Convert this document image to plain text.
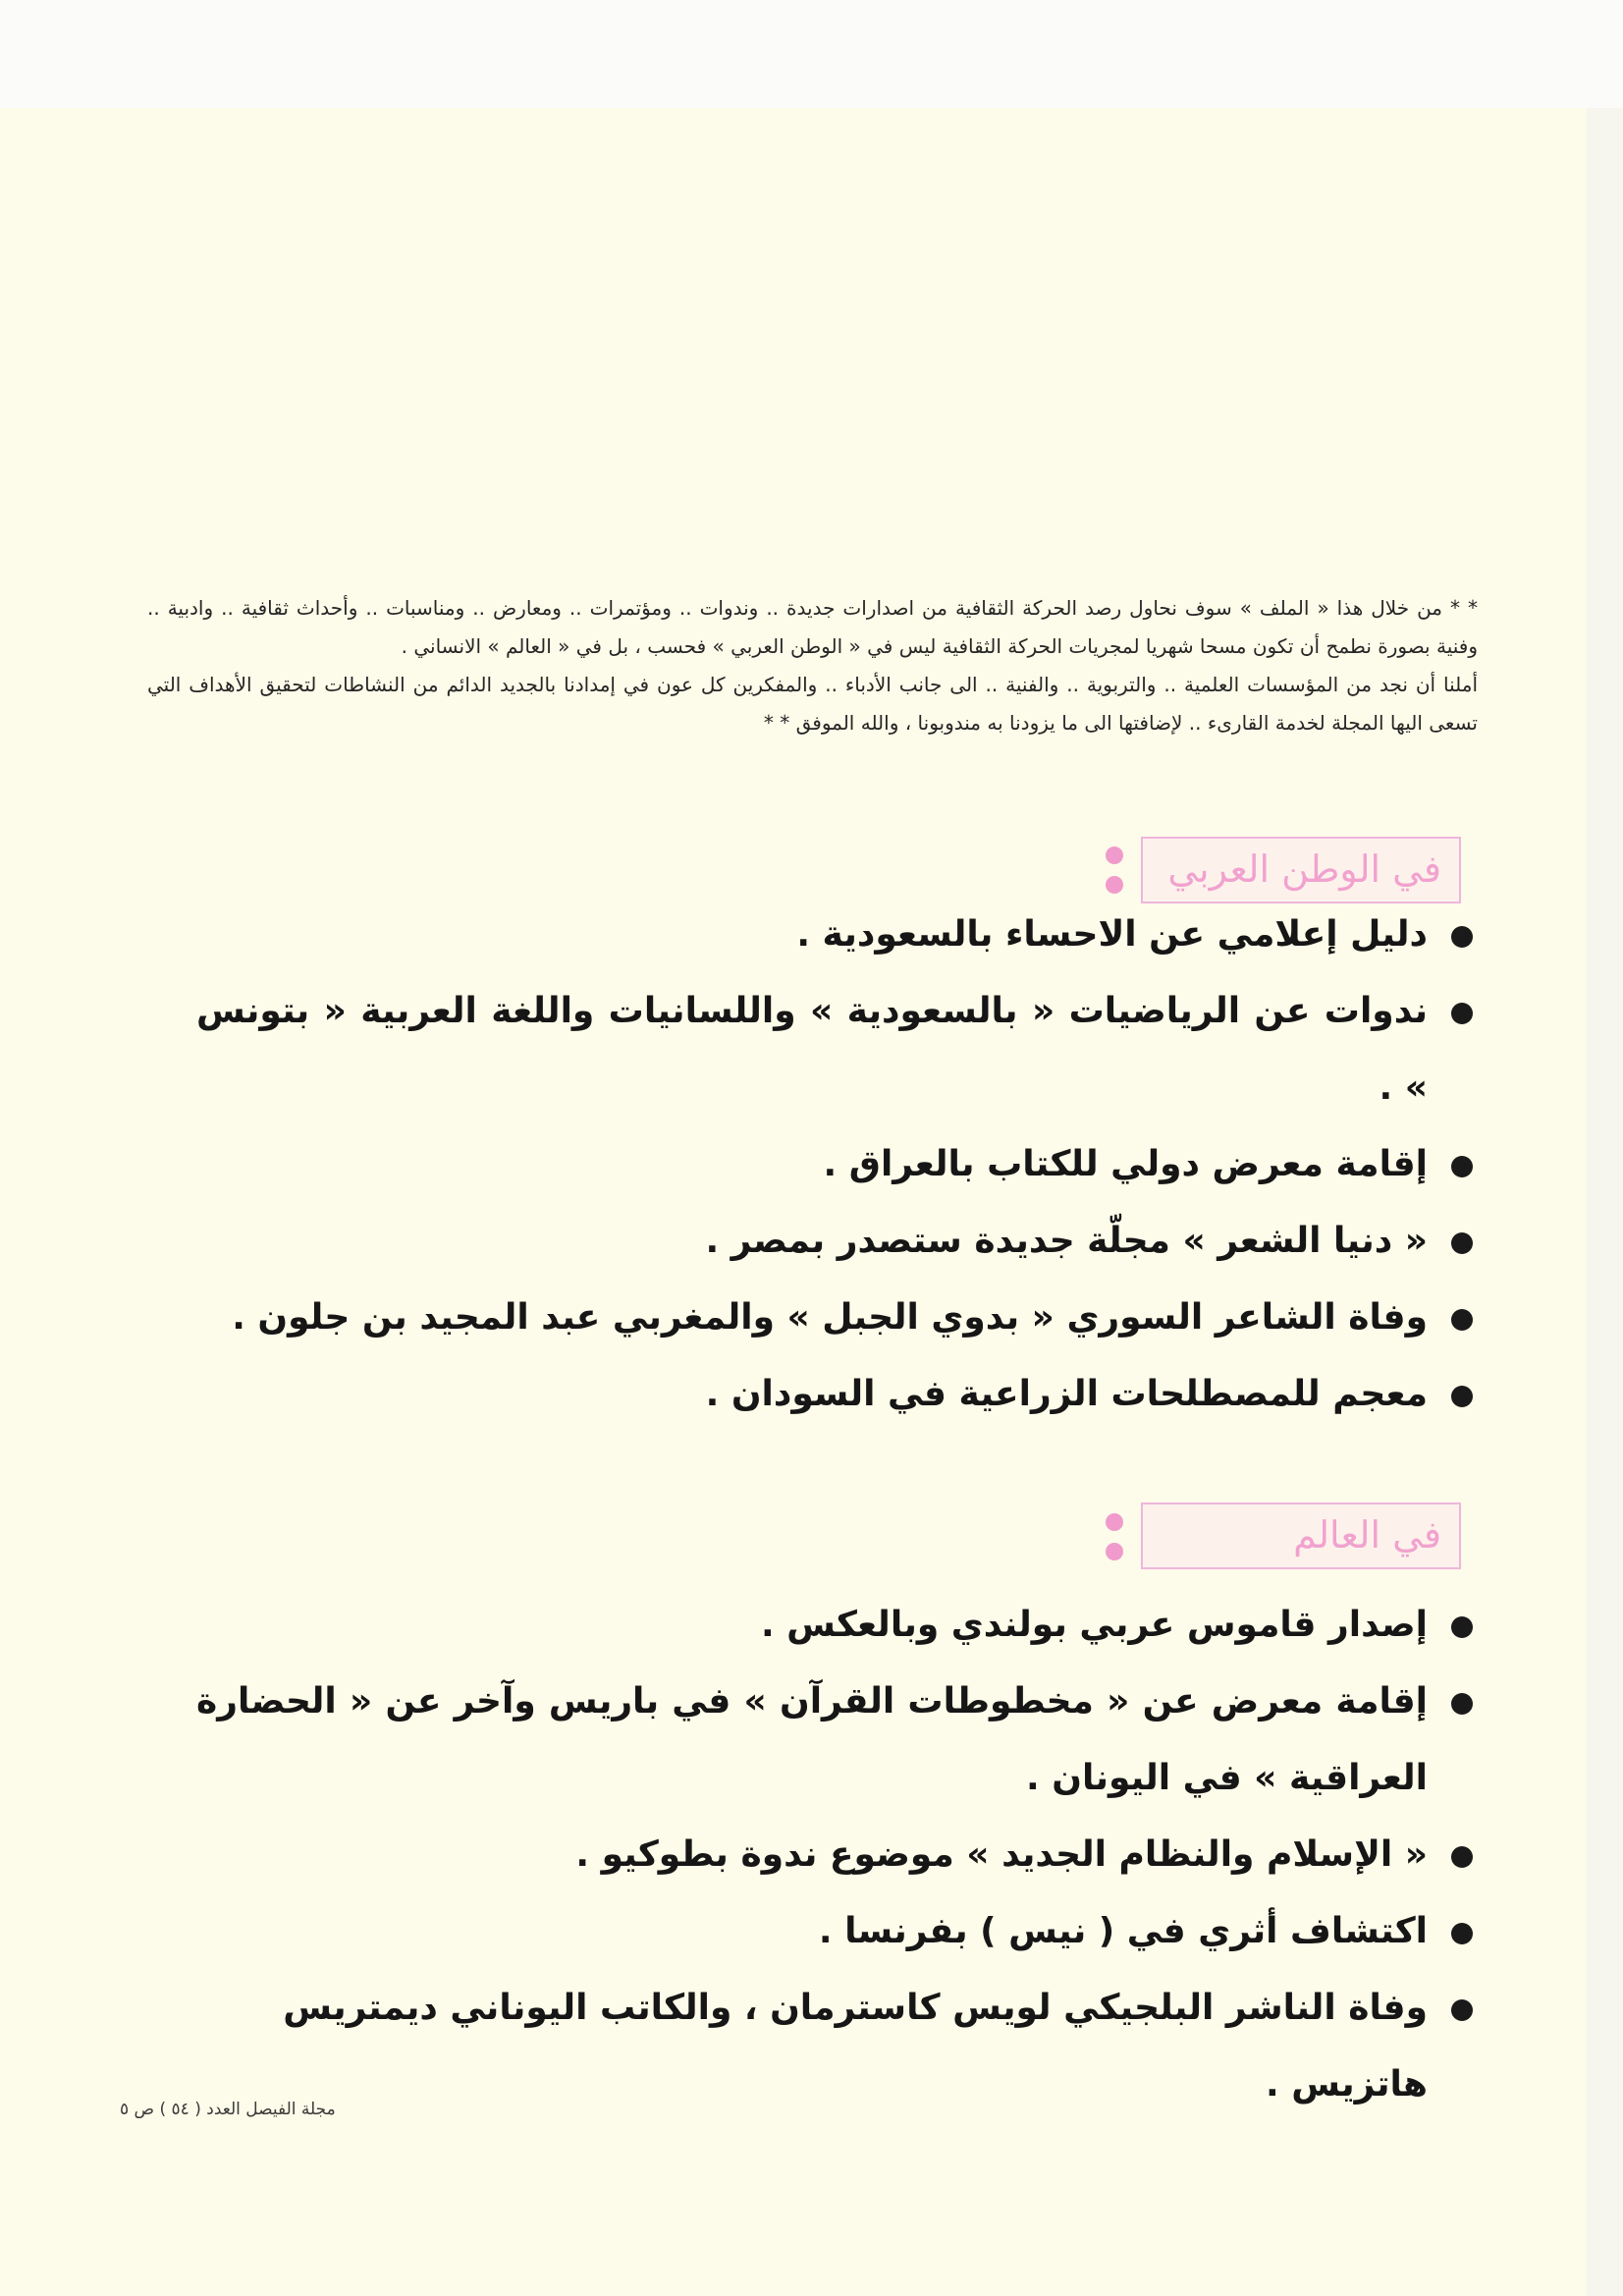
* * من خلال هذا « الملف » سوف نحاول رصد الحركة الثقافية من اصدارات جديدة .. وندوات .. ومؤتمرات .. ومعارض .. ومناسبات .. وأحداث ثقافية .. وادبية .. وفنية بصورة نطمح أن تكون مسحا شهريا لمجريات الحركة الثقافية ليس في « الوطن العربي » فحسب ، بل في « العالم » الانساني .

أملنا أن نجد من المؤسسات العلمية .. والتربوية .. والفنية .. الى جانب الأدباء .. والمفكرين كل عون في إمدادنا بالجديد الدائم من النشاطات لتحقيق الأهداف التي تسعى اليها المجلة لخدمة القارىء .. لإضافتها الى ما يزودنا به مندوبونا ، والله الموفق * *

في الوطن العربي
دليل إعلامي عن الاحساء بالسعودية .
ندوات عن الرياضيات « بالسعودية » واللسانيات واللغة العربية « بتونس » .
إقامة معرض دولي للكتاب بالعراق .
« دنيا الشعر » مجلّة جديدة ستصدر بمصر .
وفاة الشاعر السوري « بدوي الجبل » والمغربي عبد المجيد بن جلون .
معجم للمصطلحات الزراعية في السودان .
في العالم
إصدار قاموس عربي بولندي وبالعكس .
إقامة معرض عن « مخطوطات القرآن » في باريس وآخر عن « الحضارة العراقية » في اليونان .
« الإسلام والنظام الجديد » موضوع ندوة بطوكيو .
اكتشاف أثري في ( نيس ) بفرنسا .
وفاة الناشر البلجيكي لويس كاسترمان ، والكاتب اليوناني ديمتريس هاتزيس .
مجلة الفيصل العدد ( ٥٤ ) ص ٥
